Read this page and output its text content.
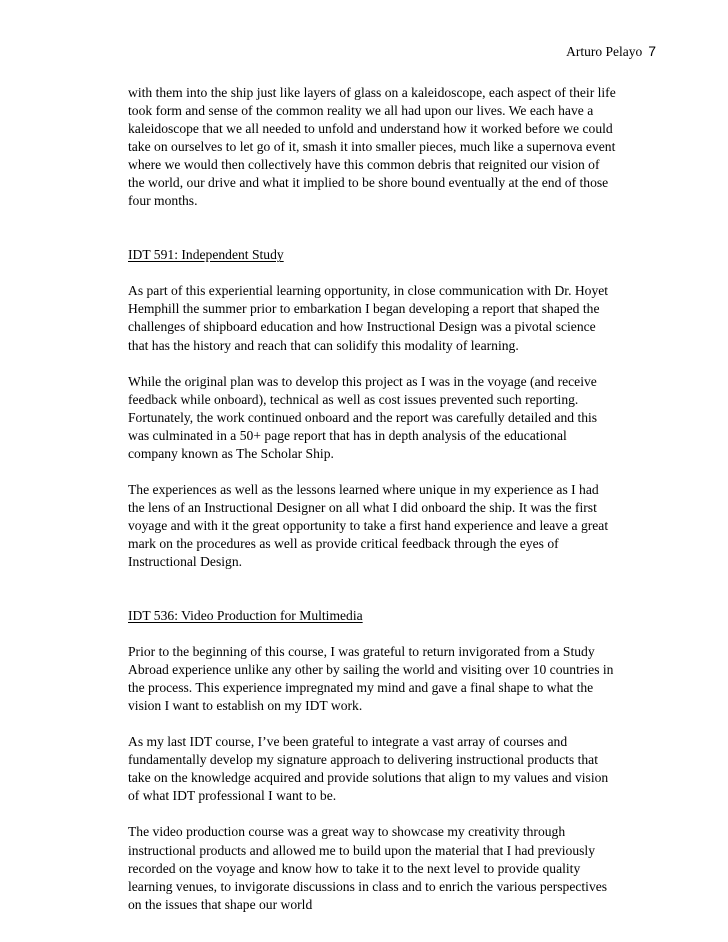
Arturo Pelayo 7

with them into the ship just like layers of glass on a kaleidoscope, each aspect of their life
took form and sense of the common reality we all had upon our lives. We each have a
kaleidoscope that we all needed to unfold and understand how it worked before we could
take on ourselves to let go of it, smash it into smaller pieces, much like a supernova event
where we would then collectively have this common debris that reignited our vision of
the world, our drive and what it implied to be shore bound eventually at the end of those
four months.

IDT 591: Independent Study

As part of this experiential learning opportunity, in close communication with Dr. Hoyet
Hemphill the summer prior to embarkation I began developing a report that shaped the
challenges of shipboard education and how Instructional Design was a pivotal science
that has the history and reach that can solidify this modality of learning.

While the original plan was to develop this project as I was in the voyage (and receive
feedback while onboard), technical as well as cost issues prevented such reporting.
Fortunately, the work continued onboard and the report was carefully detailed and this
was culminated in a 50+ page report that has in depth analysis of the educational
company known as The Scholar Ship.

The experiences as well as the lessons learned where unique in my experience as I had
the lens of an Instructional Designer on all what I did onboard the ship. It was the first
voyage and with it the great opportunity to take a first hand experience and leave a great
mark on the procedures as well as provide critical feedback through the eyes of
Instructional Design.

IDT 536: Video Production for Multimedia

Prior to the beginning of this course, I was grateful to return invigorated from a Study
Abroad experience unlike any other by sailing the world and visiting over 10 countries in
the process. This experience impregnated my mind and gave a final shape to what the
vision I want to establish on my IDT work.

As my last IDT course, I’ve been grateful to integrate a vast array of courses and
fundamentally develop my signature approach to delivering instructional products that
take on the knowledge acquired and provide solutions that align to my values and vision
of what IDT professional I want to be.

The video production course was a great way to showcase my creativity through
instructional products and allowed me to build upon the material that I had previously
recorded on the voyage and know how to take it to the next level to provide quality
learning venues, to invigorate discussions in class and to enrich the various perspectives
on the issues that shape our world
